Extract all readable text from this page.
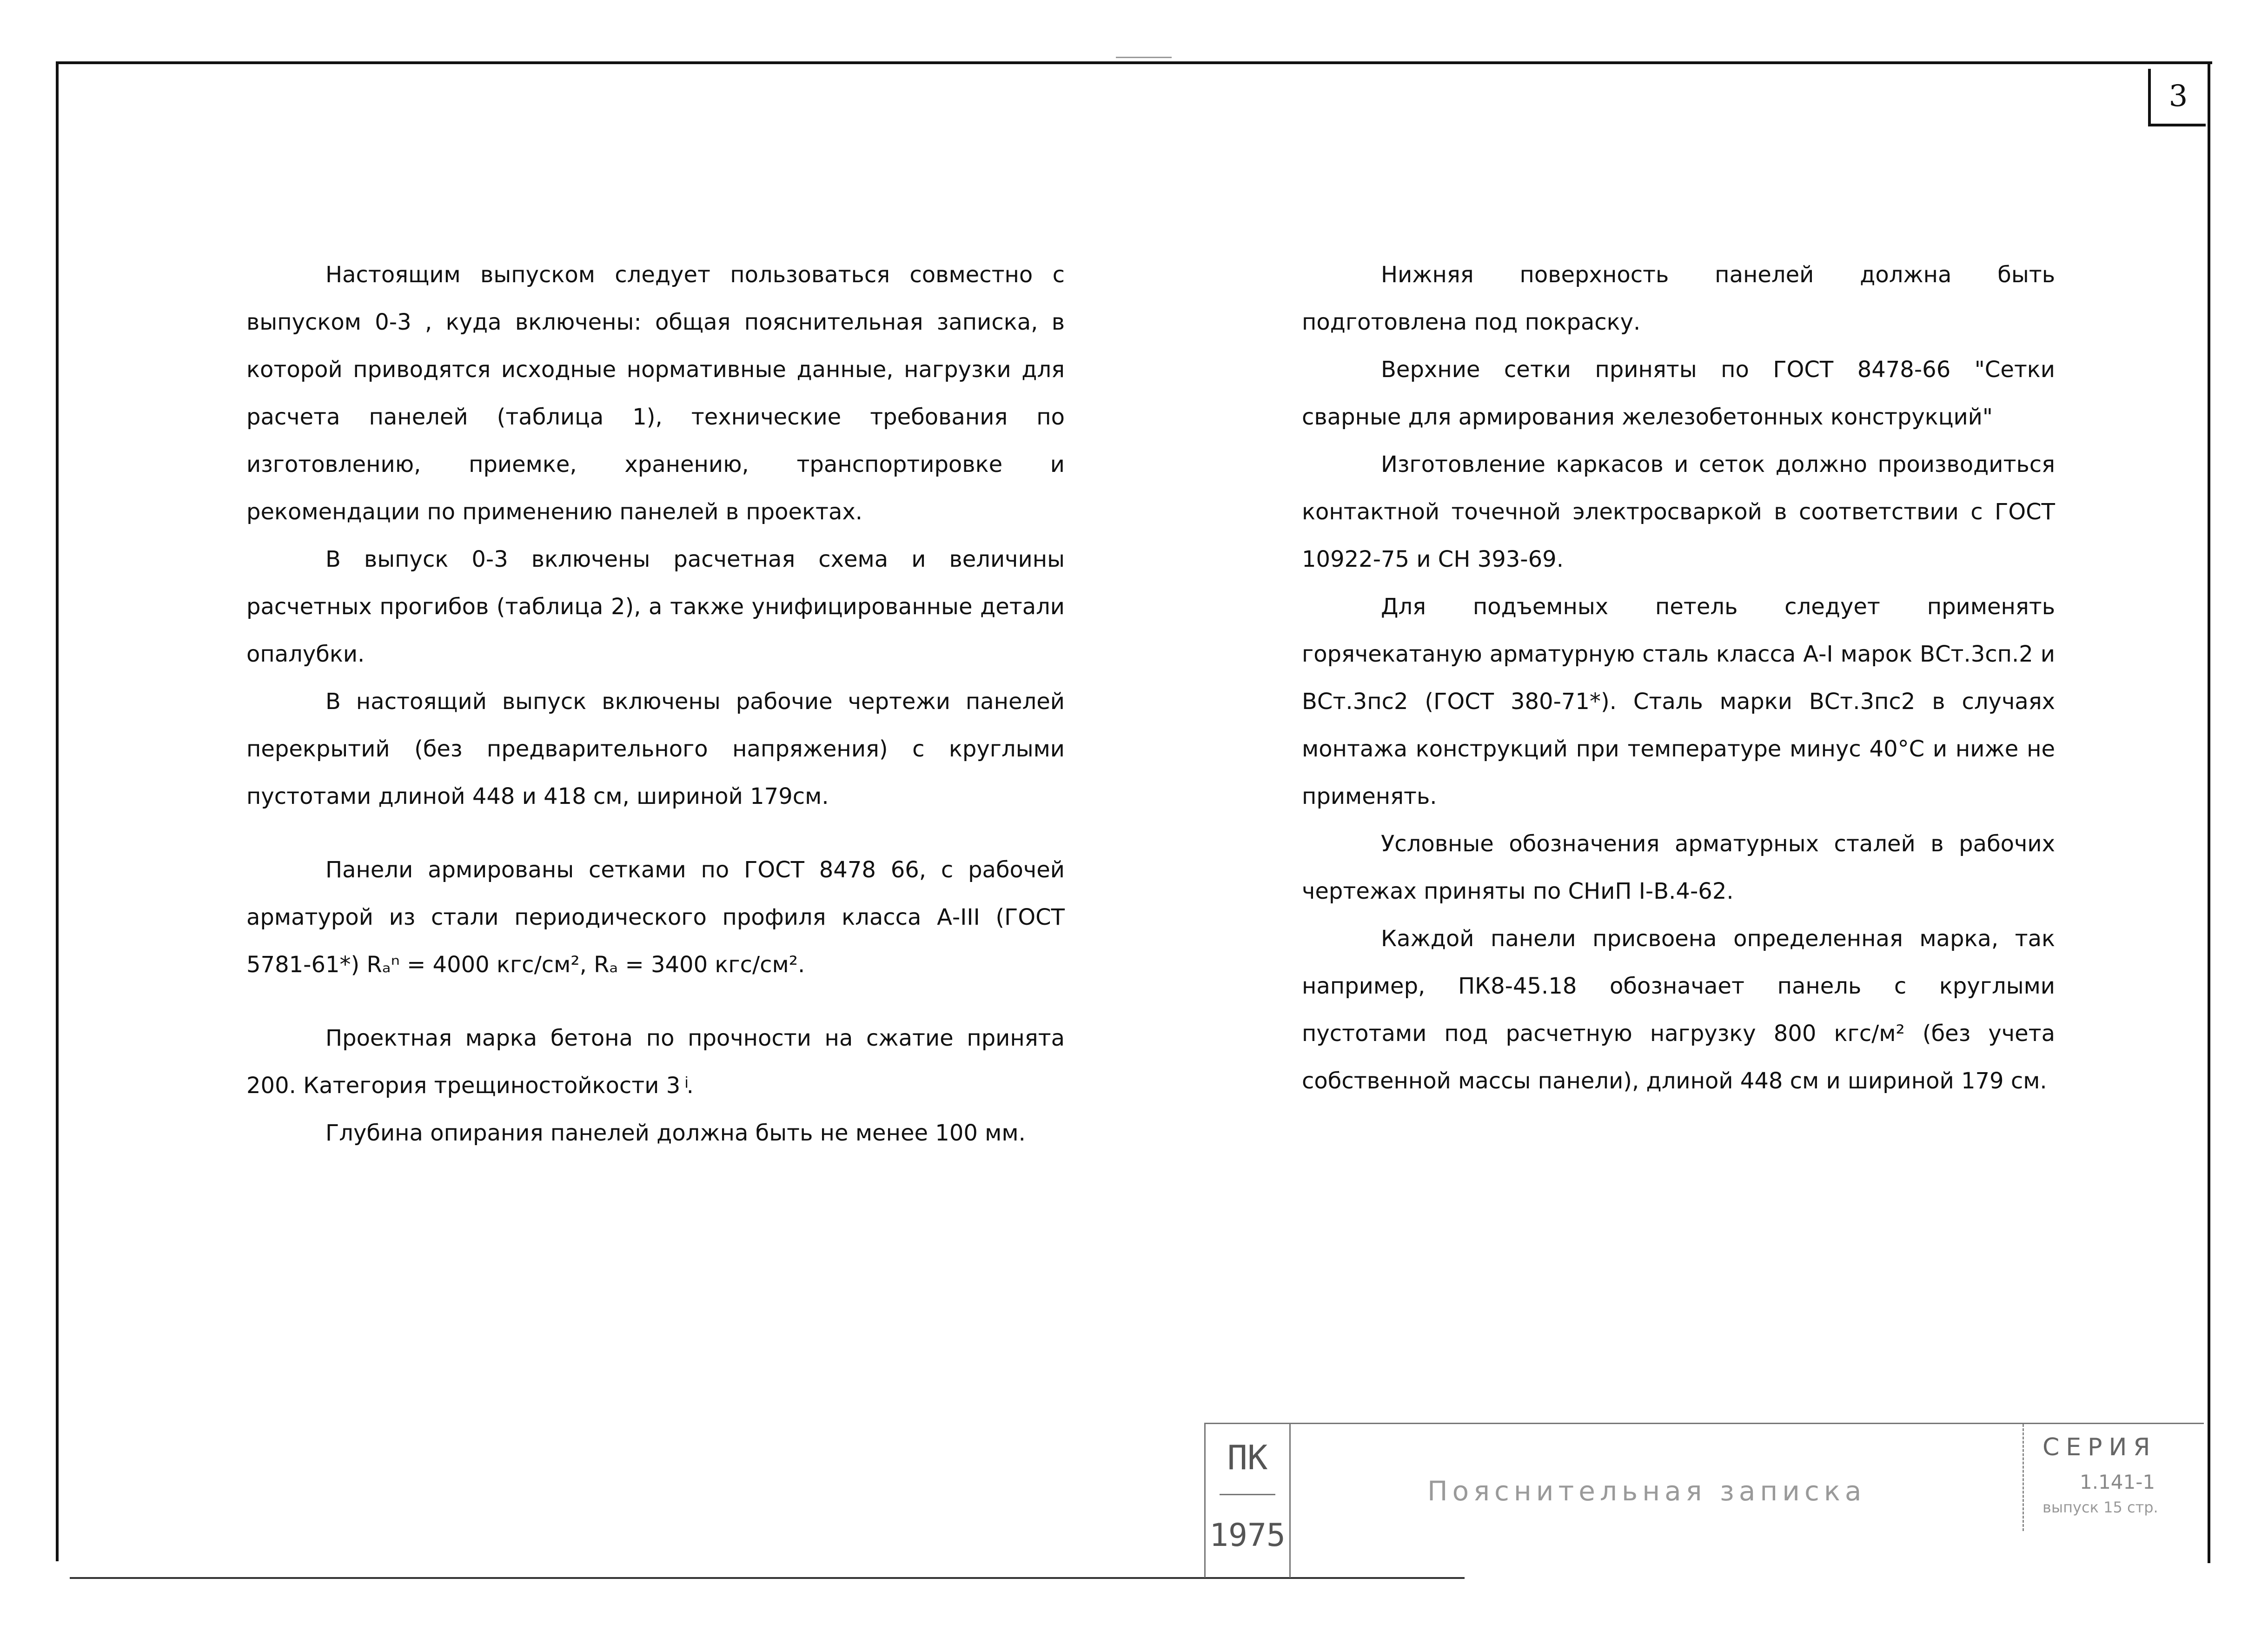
3

Настоящим выпуском следует пользоваться совместно с выпуском 0-3 , куда включены: общая пояснительная записка, в которой приводятся исходные нормативные данные, нагрузки для расчета панелей (таблица 1), технические требования по изготовлению, приемке, хранению, транспортировке и рекомендации по применению панелей в проектах.

В выпуск 0-3 включены расчетная схема и величины расчетных прогибов (таблица 2), а также унифицированные детали опалубки.

В настоящий выпуск включены рабочие чертежи панелей перекрытий (без предварительного напряжения) с круглыми пустотами длиной 448 и 418 см, шириной 179см.

Панели армированы сетками по ГОСТ 8478 66, с рабочей арматурой из стали периодического профиля класса А-III (ГОСТ 5781-61*) Rₐⁿ = 4000 кгс/см², Rₐ = 3400 кгс/см².

Проектная марка бетона по прочности на сжатие принята 200. Категория трещиностойкости 3 ͥ.

Глубина опирания панелей должна быть не менее 100 мм.

Нижняя поверхность панелей должна быть подготовлена под покраску.

Верхние сетки приняты по ГОСТ 8478-66 "Сетки сварные для армирования железобетонных конструкций"

Изготовление каркасов и сеток должно производиться контактной точечной электросваркой в соответствии с ГОСТ 10922-75 и СН 393-69.

Для подъемных петель следует применять горячекатаную арматурную сталь класса А-I марок ВСт.3сп.2 и ВСт.3пс2 (ГОСТ 380-71*). Сталь марки ВСт.3пс2 в случаях монтажа конструкций при температуре минус 40°С и ниже не применять.

Условные обозначения арматурных сталей в рабочих чертежах приняты по СНиП I-В.4-62.

Каждой панели присвоена определенная марка, так например, ПК8-45.18 обозначает панель с круглыми пустотами под расчетную нагрузку 800 кгс/м² (без учета собственной массы панели), длиной 448 см и шириной 179 см.

ПК
1975
Пояснительная записка
СЕРИЯ
1.141-1
выпуск 15 стр.
